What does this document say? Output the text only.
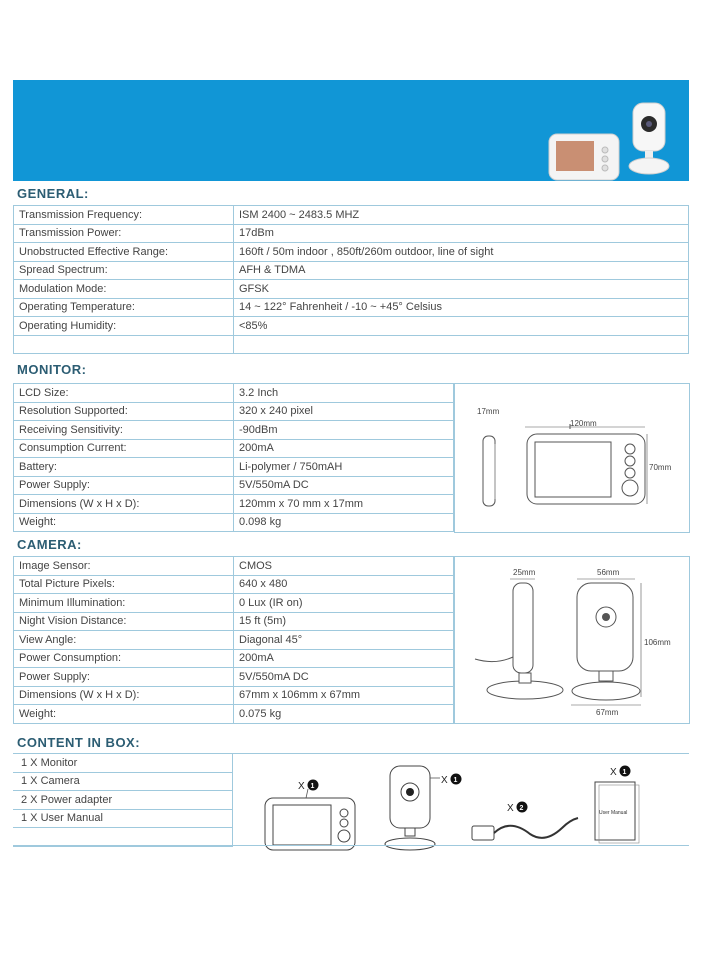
GENERAL:
Transmission Frequency:	ISM 2400 ~ 2483.5 MHZ
Transmission Power:	17dBm
Unobstructed Effective Range:	160ft / 50m indoor , 850ft/260m outdoor, line of sight
Spread Spectrum:	AFH & TDMA
Modulation Mode:	GFSK
Operating Temperature:	14 ~ 122° Fahrenheit / -10 ~ +45° Celsius
Operating Humidity:	<85%

MONITOR:
LCD Size:	3.2 Inch
Resolution Supported:	320 x 240 pixel
Receiving Sensitivity:	-90dBm
Consumption Current:	200mA
Battery:	Li-polymer / 750mAH
Power Supply:	5V/550mA DC
Dimensions (W x H x D):	120mm x 70 mm x 17mm
Weight:	0.098 kg
17mm
120mm
70mm
CAMERA:
Image Sensor:	CMOS
Total Picture Pixels:	640 x 480
Minimum Illumination:	0 Lux (IR on)
Night Vision Distance:	15 ft (5m)
View Angle:	Diagonal 45°
Power Consumption:	200mA
Power Supply:	5V/550mA DC
Dimensions (W x H x D):	67mm x 106mm x 67mm
Weight:	0.075 kg
25mm	56mm
106mm
67mm
CONTENT IN BOX:
1 X Monitor
1 X Camera
2 X Power adapter
1 X User Manual

X 1
X 1
X 2
X 1
User Manual
